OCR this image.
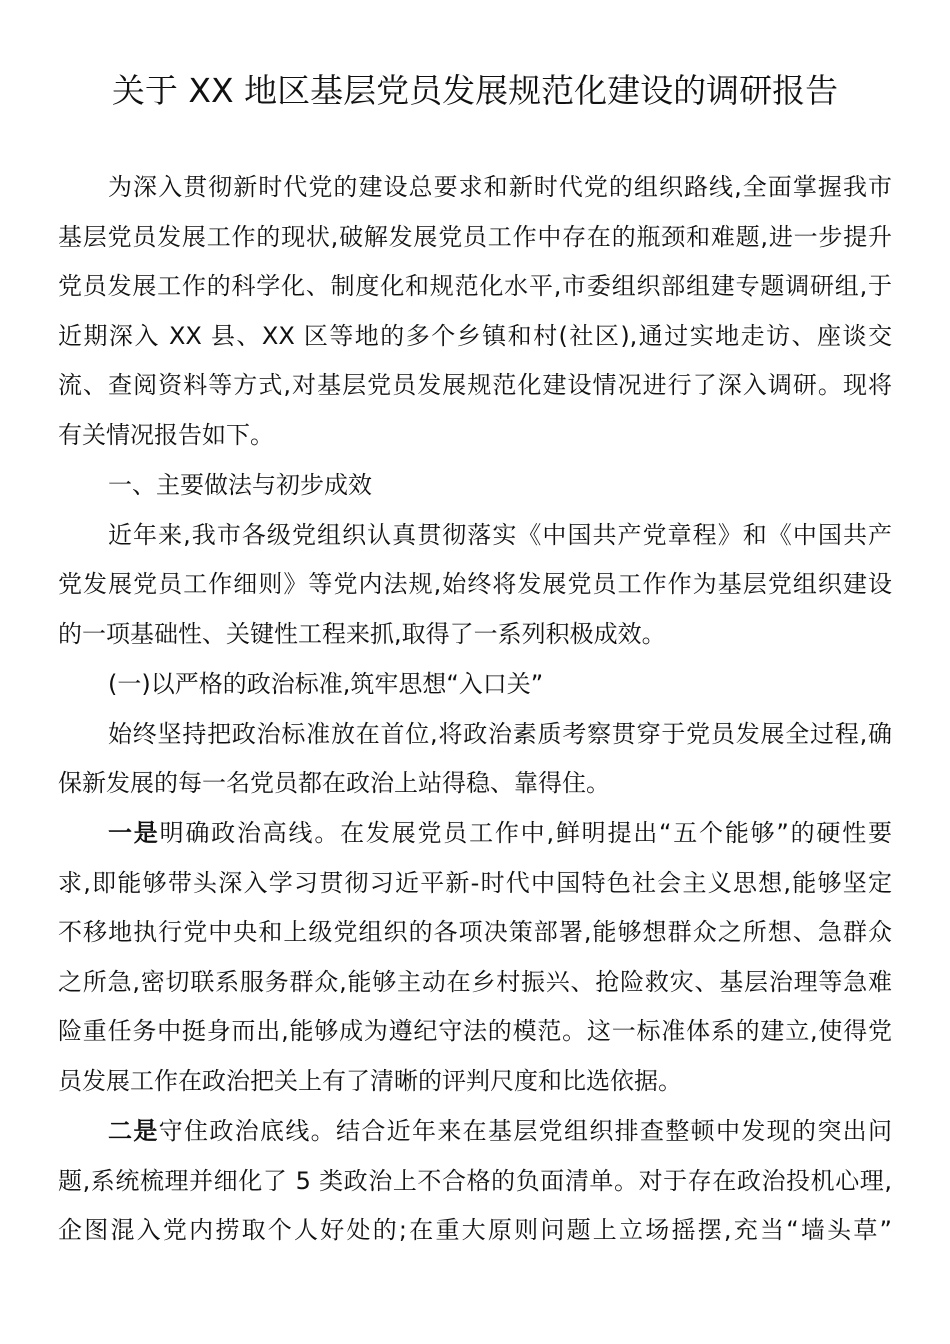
关于 XX 地区基层党员发展规范化建设的调研报告
为深入贯彻新时代党的建设总要求和新时代党的组织路线,全面掌握我市
基层党员发展工作的现状,破解发展党员工作中存在的瓶颈和难题,进一步提升
党员发展工作的科学化、制度化和规范化水平,市委组织部组建专题调研组,于
近期深入 XX 县、XX 区等地的多个乡镇和村(社区),通过实地走访、座谈交
流、查阅资料等方式,对基层党员发展规范化建设情况进行了深入调研。现将
有关情况报告如下。
一、主要做法与初步成效
近年来,我市各级党组织认真贯彻落实《中国共产党章程》和《中国共产
党发展党员工作细则》等党内法规,始终将发展党员工作作为基层党组织建设
的一项基础性、关键性工程来抓,取得了一系列积极成效。
(一)以严格的政治标准,筑牢思想“入口关”
始终坚持把政治标准放在首位,将政治素质考察贯穿于党员发展全过程,确
保新发展的每一名党员都在政治上站得稳、靠得住。
一是明确政治高线。在发展党员工作中,鲜明提出“五个能够”的硬性要
求,即能够带头深入学习贯彻习近平新-时代中国特色社会主义思想,能够坚定
不移地执行党中央和上级党组织的各项决策部署,能够想群众之所想、急群众
之所急,密切联系服务群众,能够主动在乡村振兴、抢险救灾、基层治理等急难
险重任务中挺身而出,能够成为遵纪守法的模范。这一标准体系的建立,使得党
员发展工作在政治把关上有了清晰的评判尺度和比选依据。
二是守住政治底线。结合近年来在基层党组织排查整顿中发现的突出问
题,系统梳理并细化了 5 类政治上不合格的负面清单。对于存在政治投机心理,
企图混入党内捞取个人好处的;在重大原则问题上立场摇摆,充当“墙头草”
